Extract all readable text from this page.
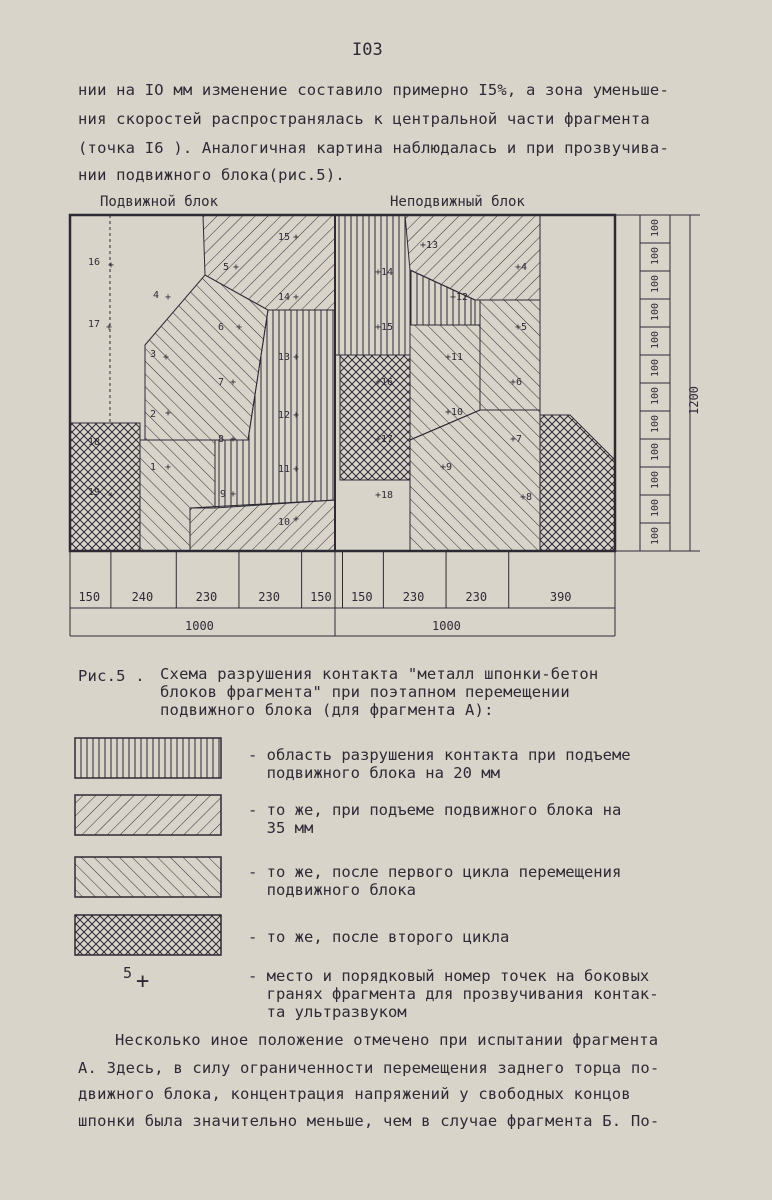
I03
нии на IO мм изменение составило примерно I5%, а зона уменьше-
ния скоростей распространялась к центральной части фрагмента
(точка I6 ). Аналогичная картина наблюдалась и при прозвучива-
нии подвижного блока(рис.5).
Подвижной блок	Неподвижный блок
16 +
17 +
4 +
3 +
2 +
1 +
5 +
6 +
7 +
8 +
9 +
15 +
14 +
13 +
12 +
11 +
10 +
18
19 +
+13
+14	+4
+12
+15	+5
+11
+16	+6
+10
+17	+7
+9
+18	+8
100
100
100
100
100
100
100
100
100
100
100
100
1200
150	240	230	230	150 150	230	230	390
1000	1000
Рис.5 . Схема разрушения контакта "металл шпонки-бетон
блоков фрагмента" при поэтапном перемещении
подвижного блока (для фрагмента А):
5 +
- область разрушения контакта при подъеме
подвижного блока на 20 мм
- то же, при подъеме подвижного блока на
35 мм
- то же, после первого цикла перемещения
подвижного блока
- то же, после второго цикла
- место и порядковый номер точек на боковых
гранях фрагмента для прозвучивания контак-
та ультразвуком
Несколько иное положение отмечено при испытании фрагмента
А. Здесь, в силу ограниченности перемещения заднего торца по-
движного блока, концентрация напряжений у свободных концов
шпонки была значительно меньше, чем в случае фрагмента Б. По-
